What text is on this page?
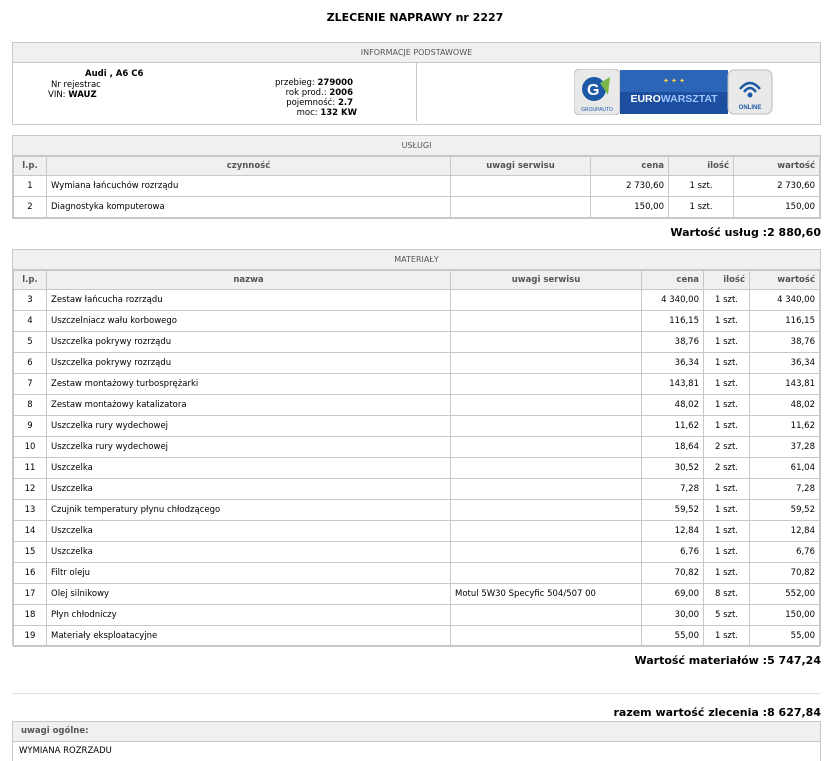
ZLECENIE NAPRAWY nr 2227
INFORMACJE PODSTAWOWE
Audi , A6 C6
Nr rejestrac
VIN: WAUZ
przebieg: 279000
rok prod.: 2006
pojemność: 2.7
moc: 132 KW
G
GROUPAUTO
✦ ✦ ✦
EUROWARSZTAT
ONLINE
USŁUGI
l.p.	czynność	uwagi serwisu	cena	ilość	wartość
1	Wymiana łańcuchów rozrządu		2 730,60	1 szt.	2 730,60
2	Diagnostyka komputerowa		150,00	1 szt.	150,00
Wartość usług :2 880,60
MATERIAŁY
l.p.	nazwa	uwagi serwisu	cena	ilość	wartość
3	Zestaw łańcucha rozrządu		4 340,00	1 szt.	4 340,00
4	Uszczelniacz wału korbowego		116,15	1 szt.	116,15
5	Uszczelka pokrywy rozrządu		38,76	1 szt.	38,76
6	Uszczelka pokrywy rozrządu		36,34	1 szt.	36,34
7	Zestaw montażowy turbosprężarki		143,81	1 szt.	143,81
8	Zestaw montażowy katalizatora		48,02	1 szt.	48,02
9	Uszczelka rury wydechowej		11,62	1 szt.	11,62
10	Uszczelka rury wydechowej		18,64	2 szt.	37,28
11	Uszczelka		30,52	2 szt.	61,04
12	Uszczelka		7,28	1 szt.	7,28
13	Czujnik temperatury płynu chłodzącego		59,52	1 szt.	59,52
14	Uszczelka		12,84	1 szt.	12,84
15	Uszczelka		6,76	1 szt.	6,76
16	Filtr oleju		70,82	1 szt.	70,82
17	Olej silnikowy	Motul 5W30 Specyfic 504/507 00	69,00	8 szt.	552,00
18	Płyn chłodniczy		30,00	5 szt.	150,00
19	Materiały eksploatacyjne		55,00	1 szt.	55,00
Wartość materiałów :5 747,24
razem wartość zlecenia :8 627,84
uwagi ogólne:
WYMIANA ROZRZADU
